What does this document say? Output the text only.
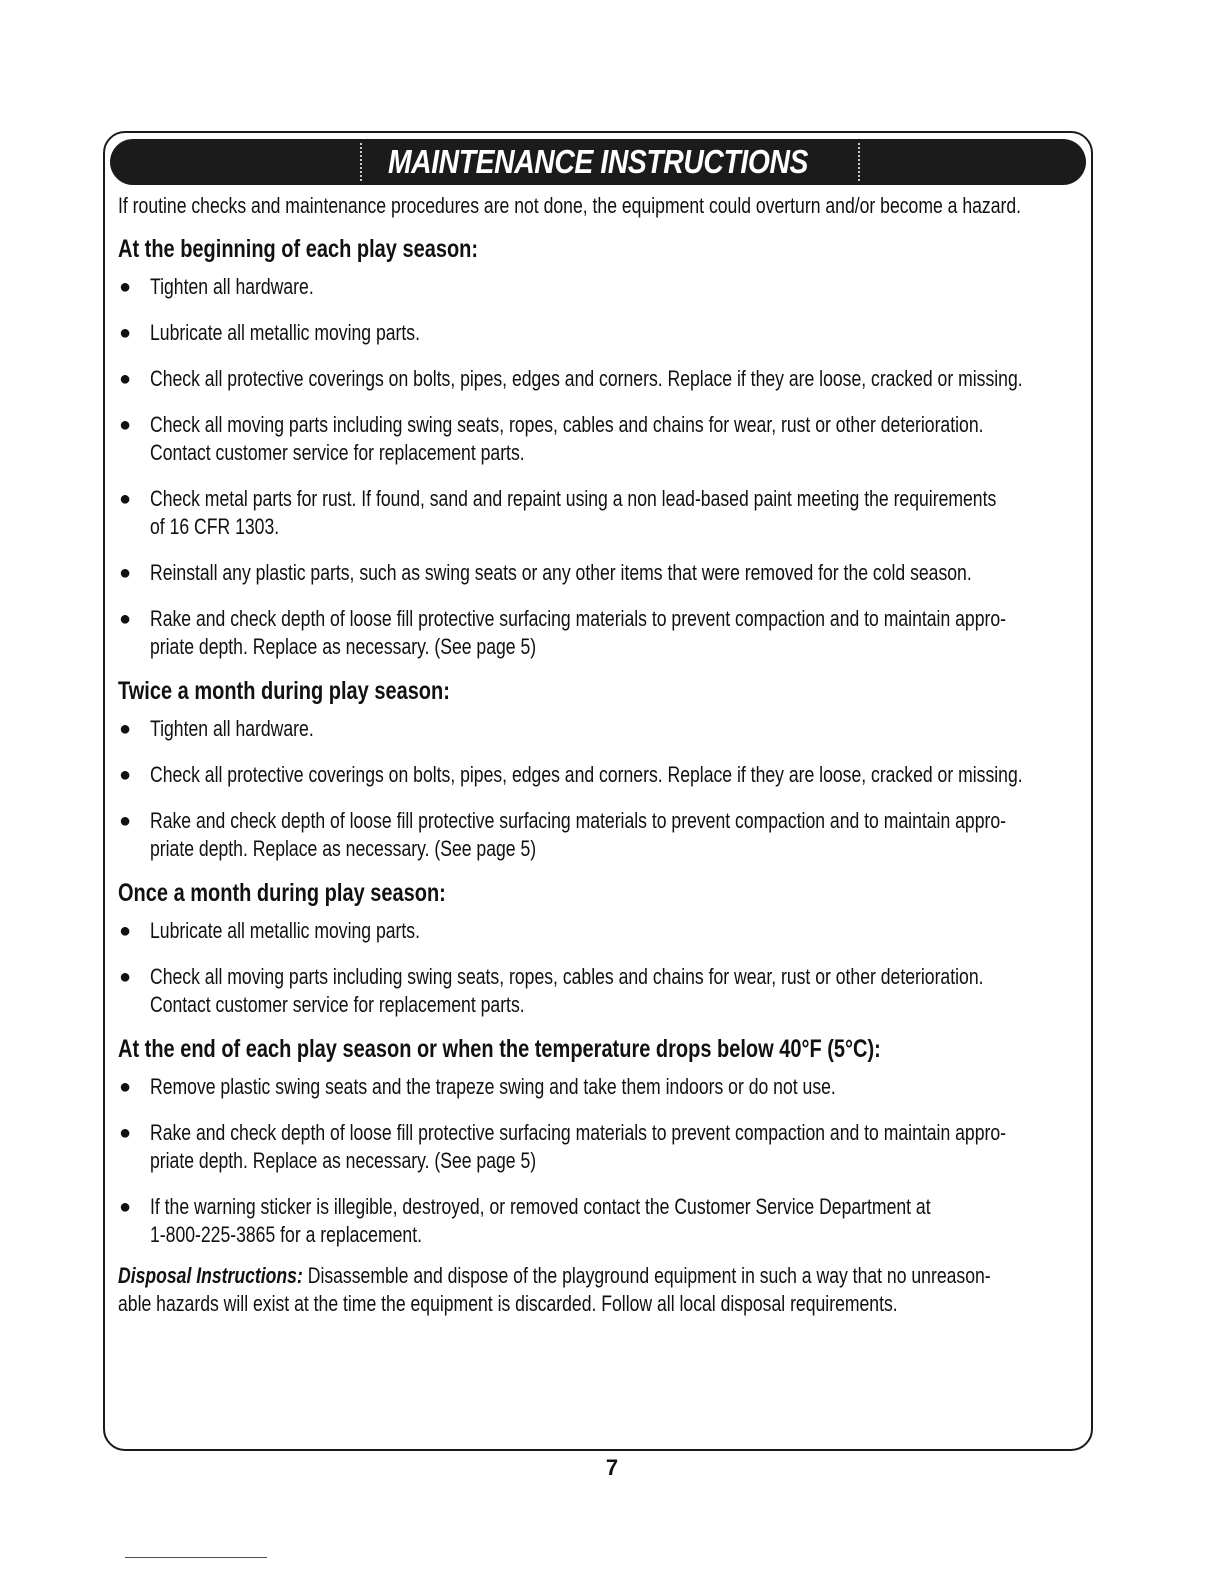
MAINTENANCE INSTRUCTIONS

If routine checks and maintenance procedures are not done, the equipment could overturn and/or become a hazard.

At the beginning of each play season:
● Tighten all hardware.
● Lubricate all metallic moving parts.
● Check all protective coverings on bolts, pipes, edges and corners. Replace if they are loose, cracked or missing.
● Check all moving parts including swing seats, ropes, cables and chains for wear, rust or other deterioration.
Contact customer service for replacement parts.
● Check metal parts for rust. If found, sand and repaint using a non lead-based paint meeting the requirements
of 16 CFR 1303.
● Reinstall any plastic parts, such as swing seats or any other items that were removed for the cold season.
● Rake and check depth of loose fill protective surfacing materials to prevent compaction and to maintain appro-
priate depth. Replace as necessary. (See page 5)
Twice a month during play season:
● Tighten all hardware.
● Check all protective coverings on bolts, pipes, edges and corners. Replace if they are loose, cracked or missing.
● Rake and check depth of loose fill protective surfacing materials to prevent compaction and to maintain appro-
priate depth. Replace as necessary. (See page 5)
Once a month during play season:
● Lubricate all metallic moving parts.
● Check all moving parts including swing seats, ropes, cables and chains for wear, rust or other deterioration.
Contact customer service for replacement parts.
At the end of each play season or when the temperature drops below 40°F (5°C):
● Remove plastic swing seats and the trapeze swing and take them indoors or do not use.
● Rake and check depth of loose fill protective surfacing materials to prevent compaction and to maintain appro-
priate depth. Replace as necessary. (See page 5)
● If the warning sticker is illegible, destroyed, or removed contact the Customer Service Department at
1-800-225-3865 for a replacement.
Disposal Instructions: Disassemble and dispose of the playground equipment in such a way that no unreason-
able hazards will exist at the time the equipment is discarded. Follow all local disposal requirements.
7
